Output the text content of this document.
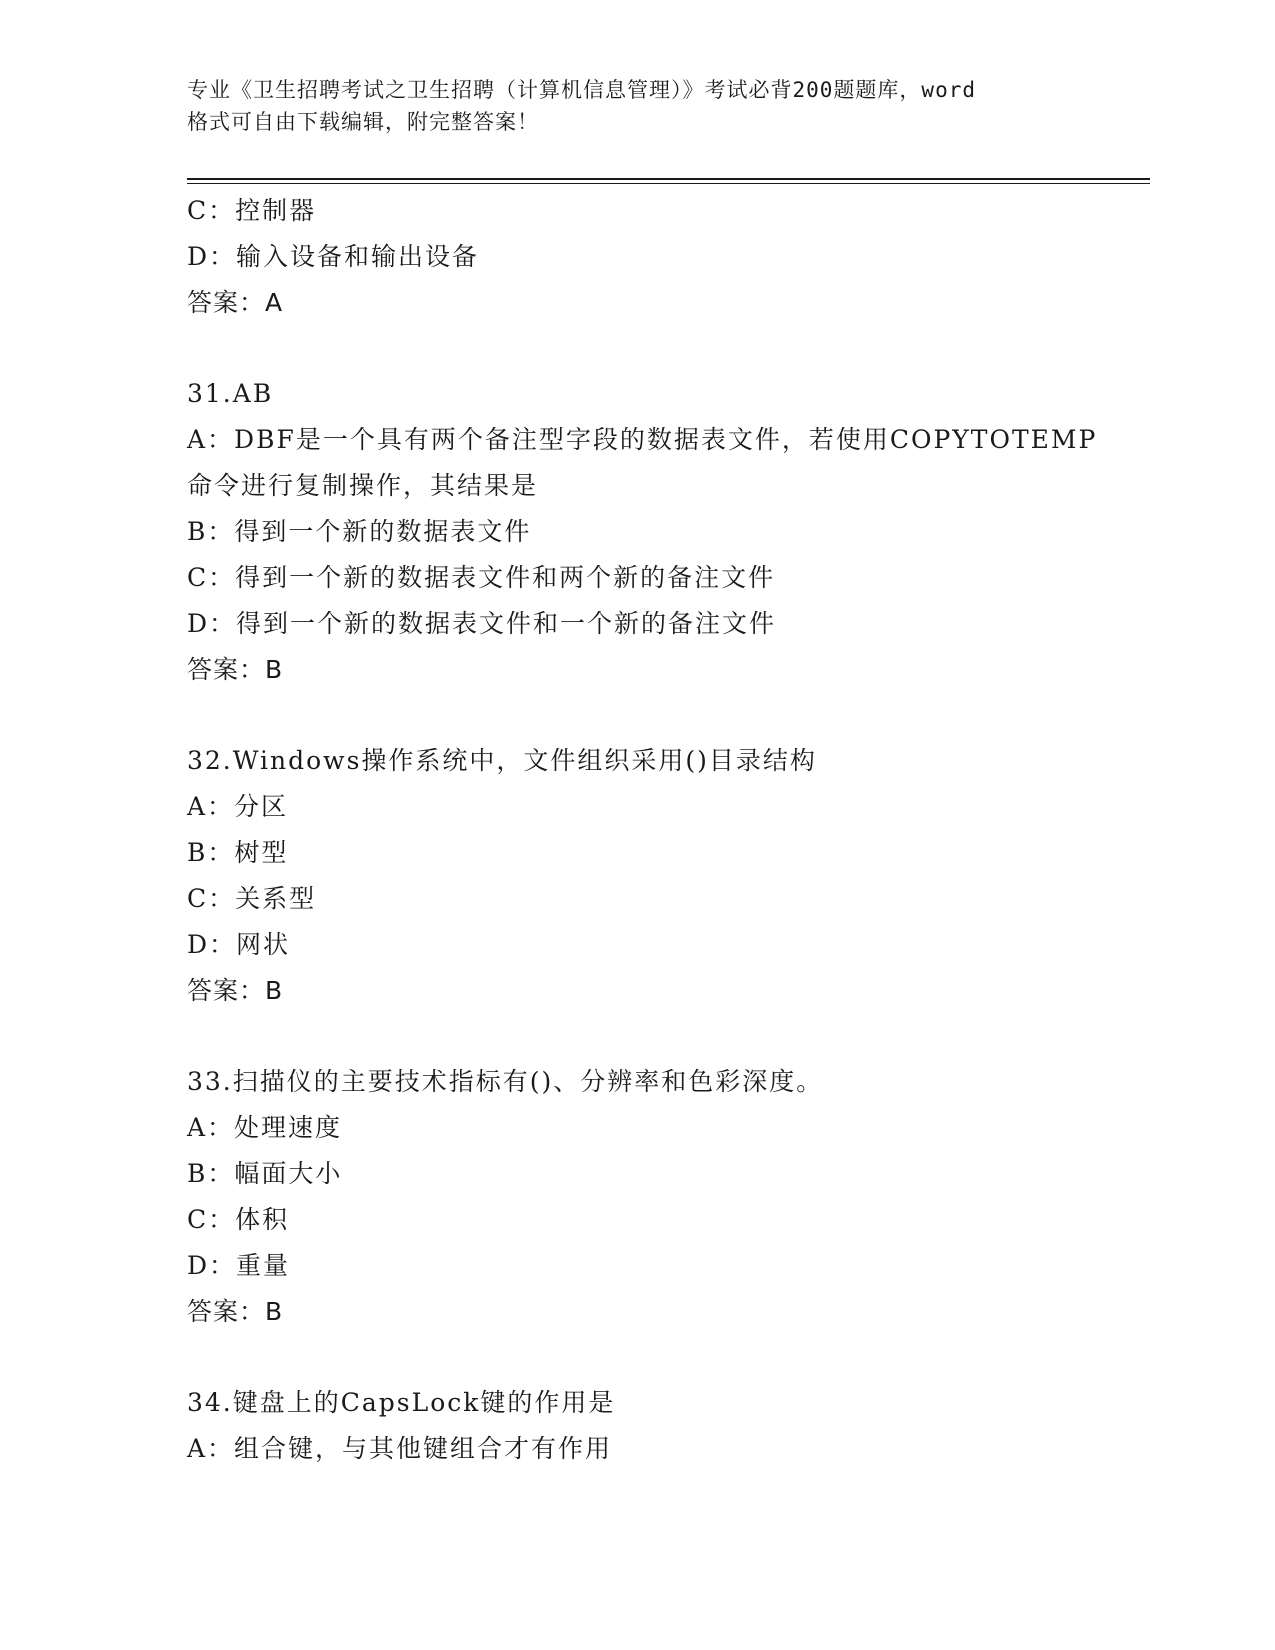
专业《卫生招聘考试之卫生招聘（计算机信息管理）》考试必背200题题库，word
格式可自由下载编辑，附完整答案！
C：控制器
D：输入设备和输出设备
答案：A
31.AB
A：DBF是一个具有两个备注型字段的数据表文件，若使用COPYTOTEMP
命令进行复制操作，其结果是
B：得到一个新的数据表文件
C：得到一个新的数据表文件和两个新的备注文件
D：得到一个新的数据表文件和一个新的备注文件
答案：B
32.Windows操作系统中，文件组织采用()目录结构
A：分区
B：树型
C：关系型
D：网状
答案：B
33.扫描仪的主要技术指标有()、分辨率和色彩深度。
A：处理速度
B：幅面大小
C：体积
D：重量
答案：B
34.键盘上的CapsLock键的作用是
A：组合键，与其他键组合才有作用
